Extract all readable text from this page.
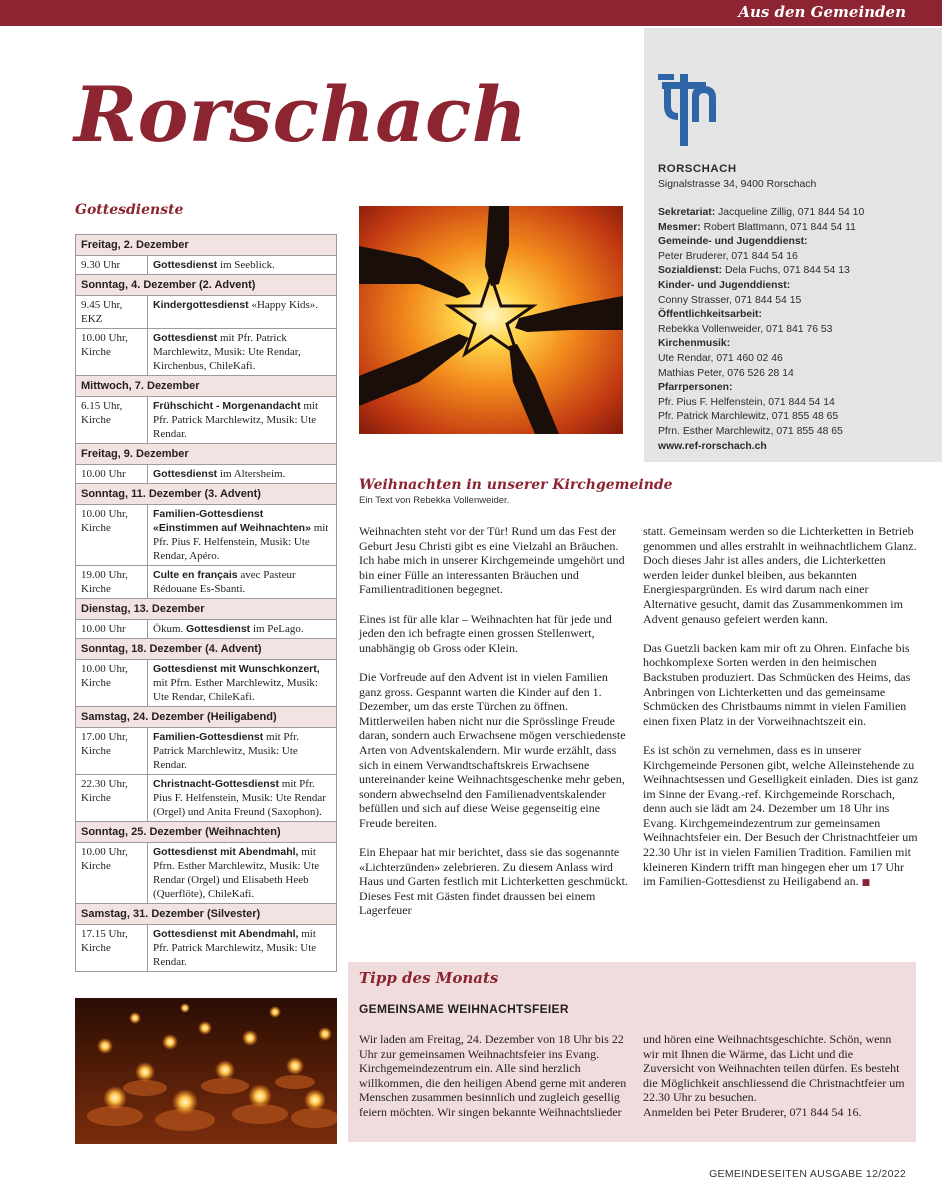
Aus den Gemeinden
Rorschach
RORSCHACH
Signalstrasse 34, 9400 Rorschach
Sekretariat: Jacqueline Zillig, 071 844 54 10
Mesmer: Robert Blattmann, 071 844 54 11
Gemeinde- und Jugenddienst:
Peter Bruderer, 071 844 54 16
Sozialdienst: Dela Fuchs, 071 844 54 13
Kinder- und Jugenddienst:
Conny Strasser, 071 844 54 15
Öffentlichkeitsarbeit:
Rebekka Vollenweider, 071 841 76 53
Kirchenmusik:
Ute Rendar, 071 460 02 46
Mathias Peter, 076 526 28 14
Pfarrpersonen:
Pfr. Pius F. Helfenstein, 071 844 54 14
Pfr. Patrick Marchlewitz, 071 855 48 65
Pfrn. Esther Marchlewitz, 071 855 48 65
www.ref-rorschach.ch
Gottesdienste
Freitag, 2. Dezember	
9.30 Uhr	Gottesdienst im Seeblick.
Sonntag, 4. Dezember (2. Advent)	
9.45 Uhr,
EKZ	Kindergottesdienst «Happy Kids».
10.00 Uhr,
Kirche	Gottesdienst mit Pfr. Patrick Marchlewitz, Musik: Ute Rendar, Kirchenbus, ChileKafi.
Mittwoch, 7. Dezember	
6.15 Uhr,
Kirche	Frühschicht - Morgenandacht mit Pfr. Patrick Marchlewitz, Musik: Ute Rendar.
Freitag, 9. Dezember	
10.00 Uhr	Gottesdienst im Altersheim.
Sonntag, 11. Dezember (3. Advent)	
10.00 Uhr,
Kirche	Familien-Gottesdienst «Einstimmen auf Weihnachten» mit Pfr. Pius F. Helfenstein, Musik: Ute Rendar, Apéro.
19.00 Uhr,
Kirche	Culte en français avec Pasteur Rédouane Es-Sbanti.
Dienstag, 13. Dezember	
10.00 Uhr	Ökum. Gottesdienst im PeLago.
Sonntag, 18. Dezember (4. Advent)	
10.00 Uhr,
Kirche	Gottesdienst mit Wunschkonzert, mit Pfrn. Esther Marchlewitz, Musik: Ute Rendar, ChileKafi.
Samstag, 24. Dezember (Heiligabend)	
17.00 Uhr,
Kirche	Familien-Gottesdienst mit Pfr. Patrick Marchlewitz, Musik: Ute Rendar.
22.30 Uhr,
Kirche	Christnacht-Gottesdienst mit Pfr. Pius F. Helfenstein, Musik: Ute Rendar (Orgel) und Anita Freund (Saxophon).
Sonntag, 25. Dezember (Weihnachten)	
10.00 Uhr,
Kirche	Gottesdienst mit Abendmahl, mit Pfrn. Esther Marchlewitz, Musik: Ute Rendar (Orgel) und Elisabeth Heeb (Querflöte), ChileKafi.
Samstag, 31. Dezember (Silvester)	
17.15 Uhr,
Kirche	Gottesdienst mit Abendmahl, mit Pfr. Patrick Marchlewitz, Musik: Ute Rendar.
Weihnachten in unserer Kirchgemeinde
Ein Text von Rebekka Vollenweider.

Weihnachten steht vor der Tür! Rund um das Fest der Geburt Jesu Christi gibt es eine Vielzahl an Bräuchen. Ich habe mich in unserer Kirchgemeinde umgehört und bin einer Fülle an interessanten Bräuchen und Familientraditionen begegnet.

Eines ist für alle klar – Weihnachten hat für jede und jeden den ich befragte einen grossen Stellenwert, unabhängig ob Gross oder Klein.

Die Vorfreude auf den Advent ist in vielen Familien ganz gross. Gespannt warten die Kinder auf den 1. Dezember, um das erste Türchen zu öffnen. Mittlerweilen haben nicht nur die Sprösslinge Freude daran, sondern auch Erwachsene mögen verschiedenste Arten von Adventskalendern. Mir wurde erzählt, dass sich in einem Verwandtschaftskreis Erwachsene untereinander keine Weihnachtsgeschenke mehr geben, sondern abwechselnd den Familienadventskalender befüllen und sich auf diese Weise gegenseitig eine Freude bereiten.

Ein Ehepaar hat mir berichtet, dass sie das sogenannte «Lichterzünden» zelebrieren. Zu diesem Anlass wird Haus und Garten festlich mit Lichterketten geschmückt. Dieses Fest mit Gästen findet draussen bei einem Lagerfeuer

statt. Gemeinsam werden so die Lichterketten in Betrieb genommen und alles erstrahlt in weihnachtlichem Glanz. Doch dieses Jahr ist alles anders, die Lichterketten werden leider dunkel bleiben, aus bekannten Energiespargründen. Es wird darum nach einer Alternative gesucht, damit das Zusammenkommen im Advent genauso gefeiert werden kann.

Das Guetzli backen kam mir oft zu Ohren. Einfache bis hochkomplexe Sorten werden in den heimischen Backstuben produziert. Das Schmücken des Heims, das Anbringen von Lichterketten und das gemeinsame Schmücken des Christbaums nimmt in vielen Familien einen fixen Platz in der Vorweihnachtszeit ein.

Es ist schön zu vernehmen, dass es in unserer Kirchgemeinde Personen gibt, welche Alleinstehende zu Weihnachtsessen und Geselligkeit einladen. Dies ist ganz im Sinne der Evang.-ref. Kirchgemeinde Rorschach, denn auch sie lädt am 24. Dezember um 18 Uhr ins Evang. Kirchgemeindezentrum zur gemeinsamen Weihnachtsfeier ein. Der Besuch der Christnachtfeier um 22.30 Uhr ist in vielen Familien Tradition. Familien mit kleineren Kindern trifft man hingegen eher um 17 Uhr im Familien-Gottesdienst zu Heiligabend an. ■

Tipp des Monats
GEMEINSAME WEIHNACHTSFEIER
Wir laden am Freitag, 24. Dezember von 18 Uhr bis 22 Uhr zur gemeinsamen Weihnachtsfeier ins Evang. Kirchgemeindezentrum ein. Alle sind herzlich willkommen, die den heiligen Abend gerne mit anderen Menschen zusammen besinnlich und zugleich gesellig feiern möchten. Wir singen bekannte Weihnachtslieder
und hören eine Weihnachtsgeschichte. Schön, wenn wir mit Ihnen die Wärme, das Licht und die Zuversicht von Weihnachten teilen dürfen. Es besteht die Möglichkeit anschliessend die Christnachtfeier um 22.30 Uhr zu besuchen.
Anmelden bei Peter Bruderer, 071 844 54 16.
GEMEINDESEITEN AUSGABE 12/2022
